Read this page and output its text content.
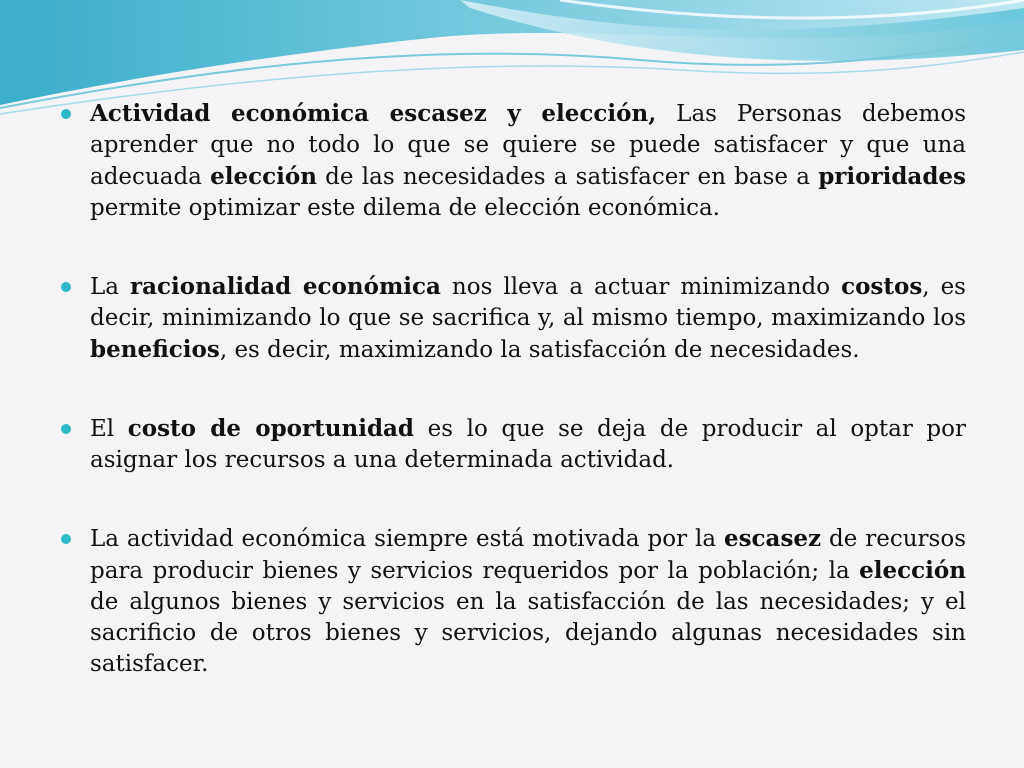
Actividad económica escasez y elección, Las Personas debemos aprender que no todo lo que se quiere se puede satisfacer y que una adecuada elección de las necesidades a satisfacer en base a prioridades permite optimizar este dilema de elección económica.
La racionalidad económica nos lleva a actuar minimizando costos, es decir, minimizando lo que se sacrifica y, al mismo tiempo, maximizando los beneficios, es decir, maximizando la satisfacción de necesidades.
El costo de oportunidad es lo que se deja de producir al optar por asignar los recursos a una determinada actividad.
La actividad económica siempre está motivada por la escasez de recursos para producir bienes y servicios requeridos por la población; la elección de algunos bienes y servicios en la satisfacción de las necesidades; y el sacrificio de otros bienes y servicios, dejando algunas necesidades sin satisfacer.
